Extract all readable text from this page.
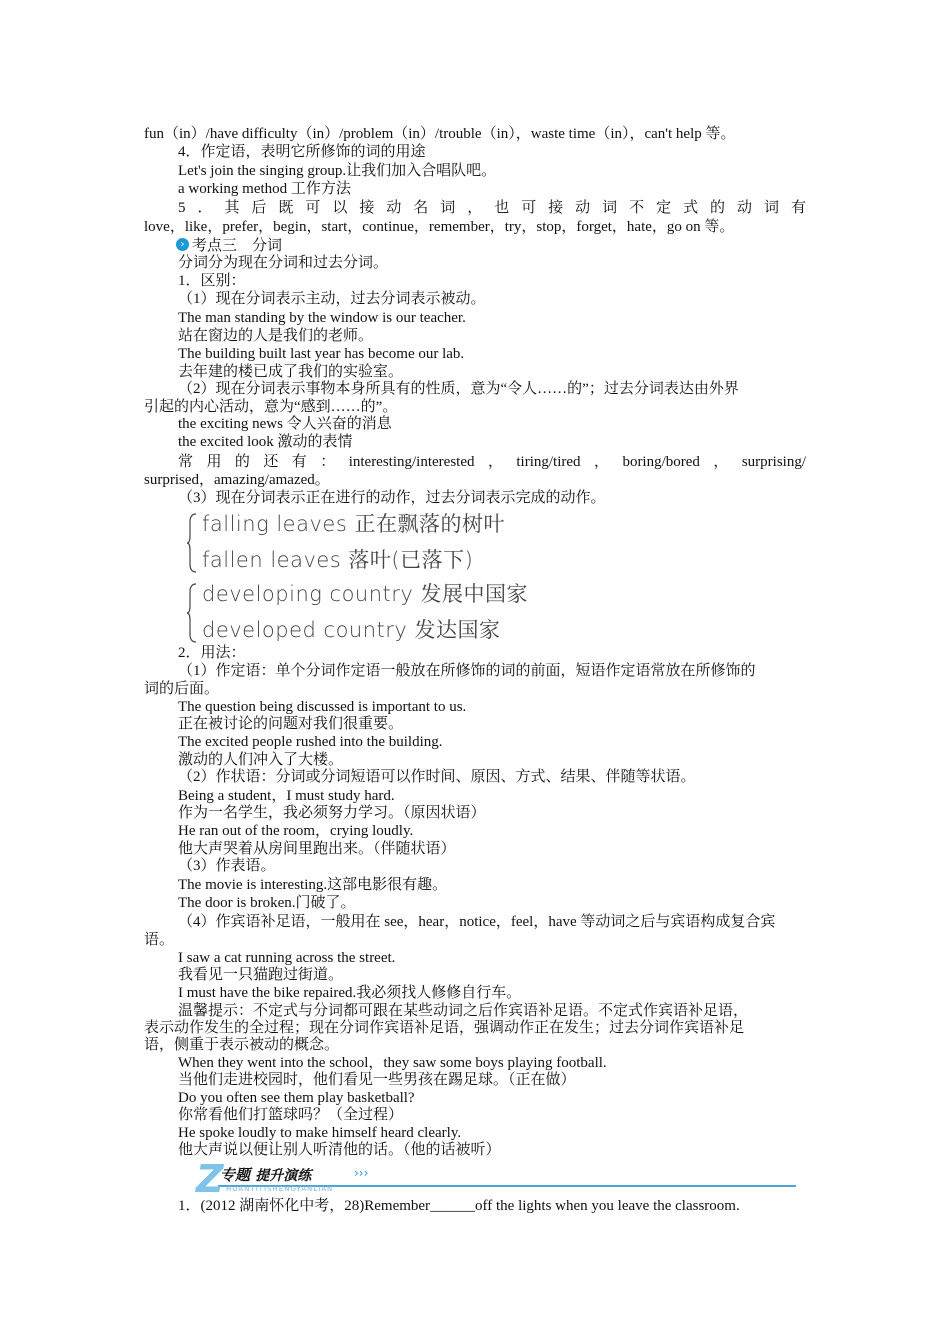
fun（in）/have difficulty（in）/problem（in）/trouble（in），waste time（in），can't help 等。
4．作定语，表明它所修饰的词的用途
Let's join the singing group.让我们加入合唱队吧。
a working method 工作方法
5．其后既可以接动名词，也可接动词不定式的动词有
love，like，prefer，begin，start，continue，remember，try，stop，forget，hate，go on 等。
› 考点三　分词
分词分为现在分词和过去分词。
1．区别：
（1）现在分词表示主动，过去分词表示被动。
The man standing by the window is our teacher.
站在窗边的人是我们的老师。
The building built last year has become our lab.
去年建的楼已成了我们的实验室。
（2）现在分词表示事物本身所具有的性质，意为“令人……的”；过去分词表达由外界
引起的内心活动，意为“感到……的”。
the exciting news 令人兴奋的消息
the excited look 激动的表情
常用的还有：interesting/interested，tiring/tired，boring/bored，surprising/
surprised，amazing/amazed。
（3）现在分词表示正在进行的动作，过去分词表示完成的动作。
falling leaves 正在飘落的树叶
fallen leaves 落叶(已落下)
developing country 发展中国家
developed country 发达国家
2．用法：
（1）作定语：单个分词作定语一般放在所修饰的词的前面，短语作定语常放在所修饰的
词的后面。
The question being discussed is important to us.
正在被讨论的问题对我们很重要。
The excited people rushed into the building.
激动的人们冲入了大楼。
（2）作状语：分词或分词短语可以作时间、原因、方式、结果、伴随等状语。
Being a student，I must study hard.
作为一名学生，我必须努力学习。（原因状语）
He ran out of the room，crying loudly.
他大声哭着从房间里跑出来。（伴随状语）
（3）作表语。
The movie is interesting.这部电影很有趣。
The door is broken.门破了。
（4）作宾语补足语，一般用在 see，hear，notice，feel，have 等动词之后与宾语构成复合宾
语。
I saw a cat running across the street.
我看见一只猫跑过街道。
I must have the bike repaired.我必须找人修修自行车。
温馨提示：不定式与分词都可跟在某些动词之后作宾语补足语。不定式作宾语补足语，
表示动作发生的全过程；现在分词作宾语补足语，强调动作正在发生；过去分词作宾语补足
语，侧重于表示被动的概念。
When they went into the school，they saw some boys playing football.
当他们走进校园时，他们看见一些男孩在踢足球。（正在做）
Do you often see them play basketball?
你常看他们打篮球吗？（全过程）
He spoke loudly to make himself heard clearly.
他大声说以便让别人听清他的话。（他的话被听）
Z
专题 提升演练	›››
HUANTITISHENGYANLIAN
1．(2012 湖南怀化中考，28)Remember______off the lights when you leave the classroom.
